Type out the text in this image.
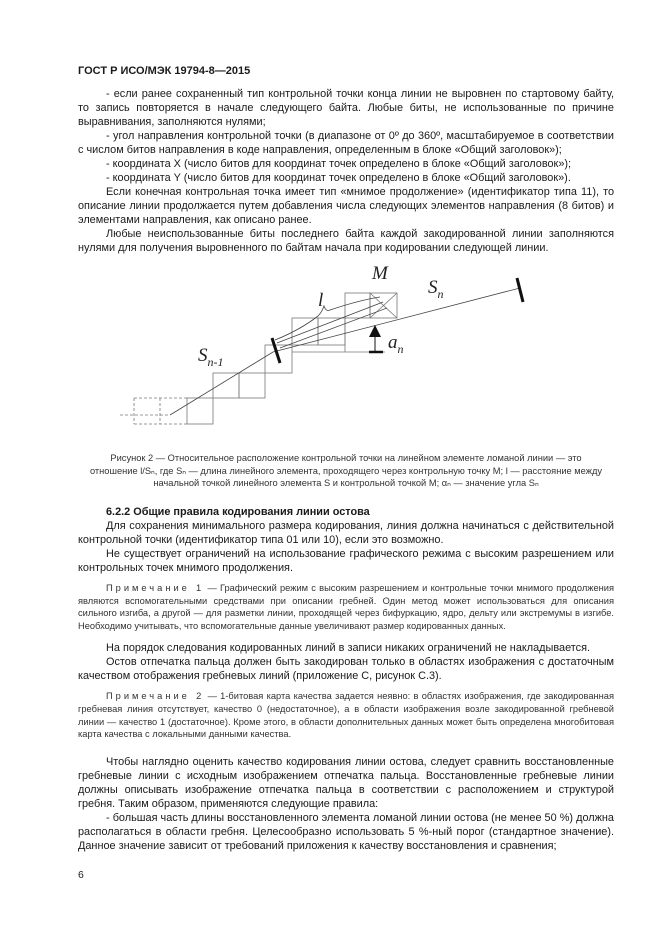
ГОСТ Р ИСО/МЭК 19794-8—2015

- если ранее сохраненный тип контрольной точки конца линии не выровнен по стартовому байту, то запись повторяется в начале следующего байта. Любые биты, не использованные по причине выравнивания, заполняются нулями;

- угол направления контрольной точки (в диапазоне от 0º до 360º, масштабируемое в соответствии с числом битов направления в коде направления, определенным в блоке «Общий заголовок»);

- координата X (число битов для координат точек определено в блоке «Общий заголовок»);

- координата Y (число битов для координат точек определено в блоке «Общий заголовок»).

Если конечная контрольная точка имеет тип «мнимое продолжение» (идентификатор типа 11), то описание линии продолжается путем добавления числа следующих элементов направления (8 битов) и элементами направления, как описано ранее.

Любые неиспользованные биты последнего байта каждой закодированной линии заполняются нулями для получения выровненного по байтам начала при кодировании следующей линии.

M
l
$S_n$
$S_{n-1}$
$a_n$
Рисунок 2 — Относительное расположение контрольной точки на линейном элементе ломаной линии — это отношение l/Sₙ, где Sₙ — длина линейного элемента, проходящего через контрольную точку M; l — расстояние между начальной точкой линейного элемента S и контрольной точкой M; αₙ — значение угла Sₙ
6.2.2 Общие правила кодирования линии остова

Для сохранения минимального размера кодирования, линия должна начинаться с действительной контрольной точки (идентификатор типа 01 или 10), если это возможно.

Не существует ограничений на использование графического режима с высоким разрешением или контрольных точек мнимого продолжения.

Примечание 1 — Графический режим с высоким разрешением и контрольные точки мнимого продолжения являются вспомогательными средствами при описании гребней. Один метод может использоваться для описания сильного изгиба, а другой — для разметки линии, проходящей через бифуркацию, ядро, дельту или экстремумы в изгибе. Необходимо учитывать, что вспомогательные данные увеличивают размер кодированных данных.

На порядок следования кодированных линий в записи никаких ограничений не накладывается.

Остов отпечатка пальца должен быть закодирован только в областях изображения с достаточным качеством отображения гребневых линий (приложение С, рисунок С.3).

Примечание 2 — 1-битовая карта качества задается неявно: в областях изображения, где закодированная гребневая линия отсутствует, качество 0 (недостаточное), а в области изображения возле закодированной гребневой линии — качество 1 (достаточное). Кроме этого, в области дополнительных данных может быть определена многобитовая карта качества с локальными данными качества.

Чтобы наглядно оценить качество кодирования линии остова, следует сравнить восстановленные гребневые линии с исходным изображением отпечатка пальца. Восстановленные гребневые линии должны описывать изображение отпечатка пальца в соответствии с расположением и структурой гребня. Таким образом, применяются следующие правила:

- большая часть длины восстановленного элемента ломаной линии остова (не менее 50 %) должна располагаться в области гребня. Целесообразно использовать 5 %-ный порог (стандартное значение). Данное значение зависит от требований приложения к качеству восстановления и сравнения;

6
